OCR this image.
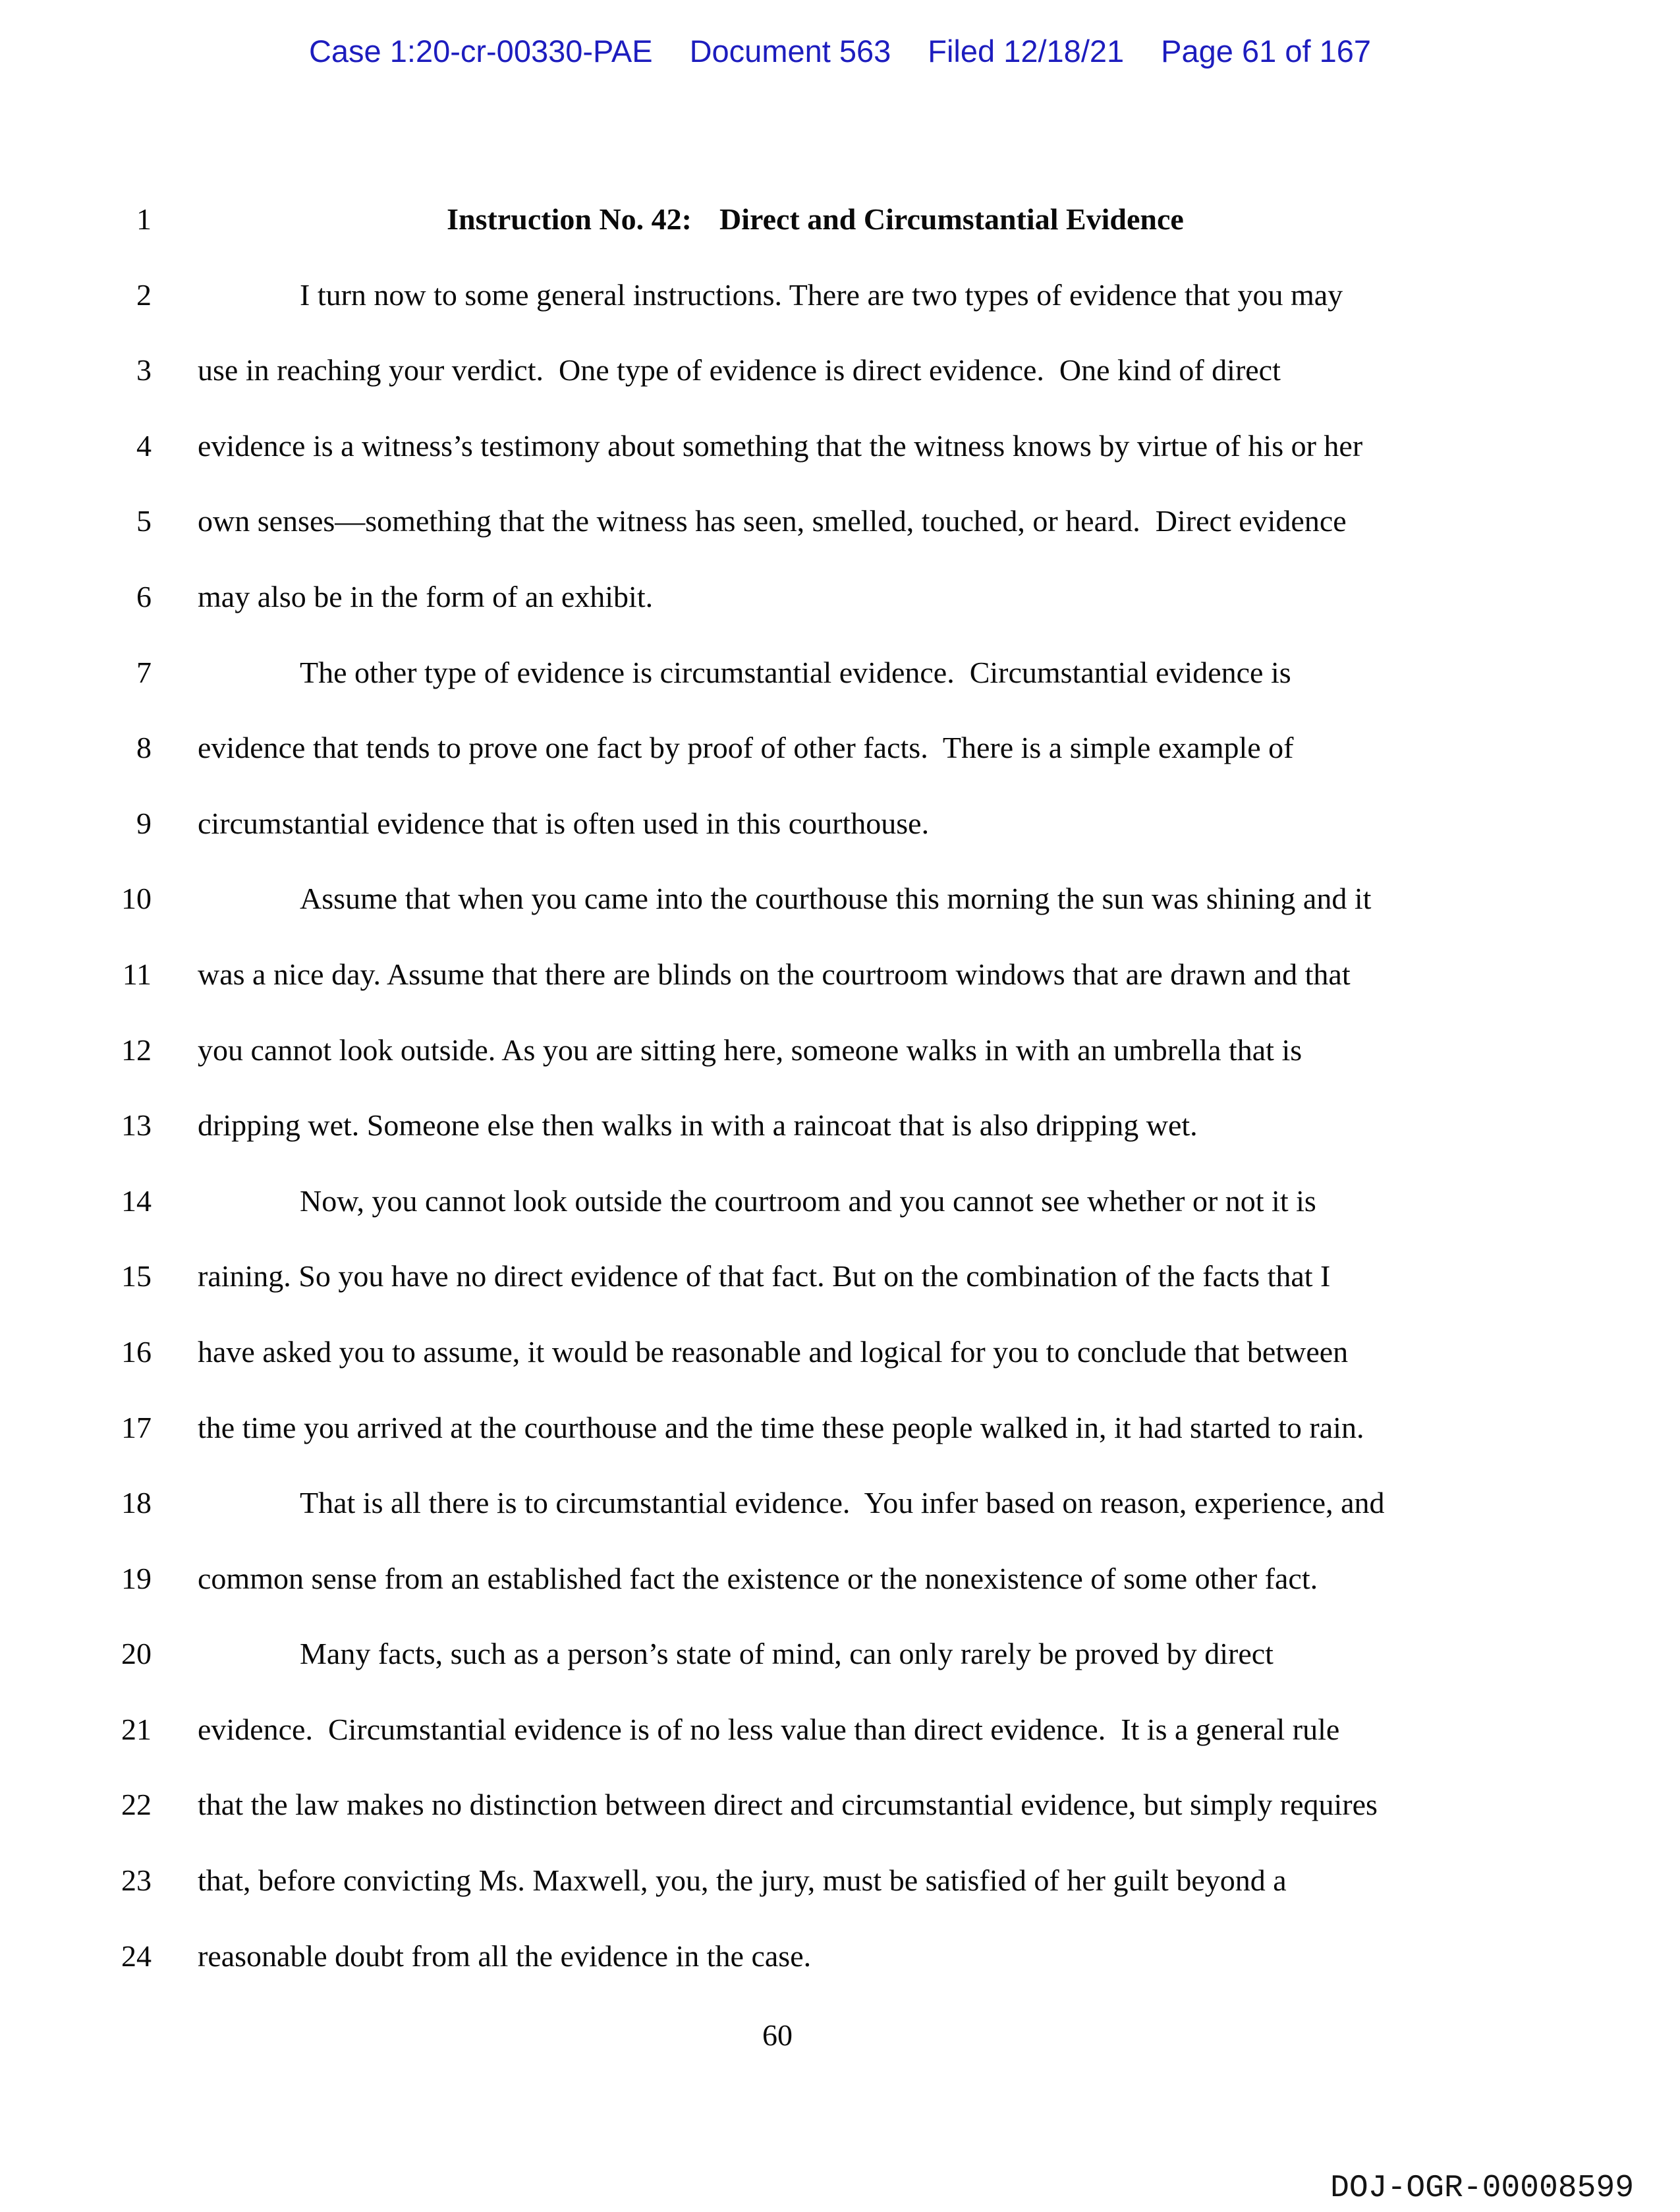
Case 1:20-cr-00330-PAE Document 563 Filed 12/18/21 Page 61 of 167
1	Instruction No. 42: Direct and Circumstantial Evidence
2	I turn now to some general instructions. There are two types of evidence that you may
3	use in reaching your verdict.  One type of evidence is direct evidence.  One kind of direct
4	evidence is a witness’s testimony about something that the witness knows by virtue of his or her
5	own senses—something that the witness has seen, smelled, touched, or heard.  Direct evidence
6	may also be in the form of an exhibit.
7	The other type of evidence is circumstantial evidence.  Circumstantial evidence is
8	evidence that tends to prove one fact by proof of other facts.  There is a simple example of
9	circumstantial evidence that is often used in this courthouse.
10	Assume that when you came into the courthouse this morning the sun was shining and it
11	was a nice day. Assume that there are blinds on the courtroom windows that are drawn and that
12	you cannot look outside. As you are sitting here, someone walks in with an umbrella that is
13	dripping wet. Someone else then walks in with a raincoat that is also dripping wet.
14	Now, you cannot look outside the courtroom and you cannot see whether or not it is
15	raining. So you have no direct evidence of that fact. But on the combination of the facts that I
16	have asked you to assume, it would be reasonable and logical for you to conclude that between
17	the time you arrived at the courthouse and the time these people walked in, it had started to rain.
18	That is all there is to circumstantial evidence.  You infer based on reason, experience, and
19	common sense from an established fact the existence or the nonexistence of some other fact.
20	Many facts, such as a person’s state of mind, can only rarely be proved by direct
21	evidence.  Circumstantial evidence is of no less value than direct evidence.  It is a general rule
22	that the law makes no distinction between direct and circumstantial evidence, but simply requires
23	that, before convicting Ms. Maxwell, you, the jury, must be satisfied of her guilt beyond a
24	reasonable doubt from all the evidence in the case.
60
DOJ-OGR-00008599
